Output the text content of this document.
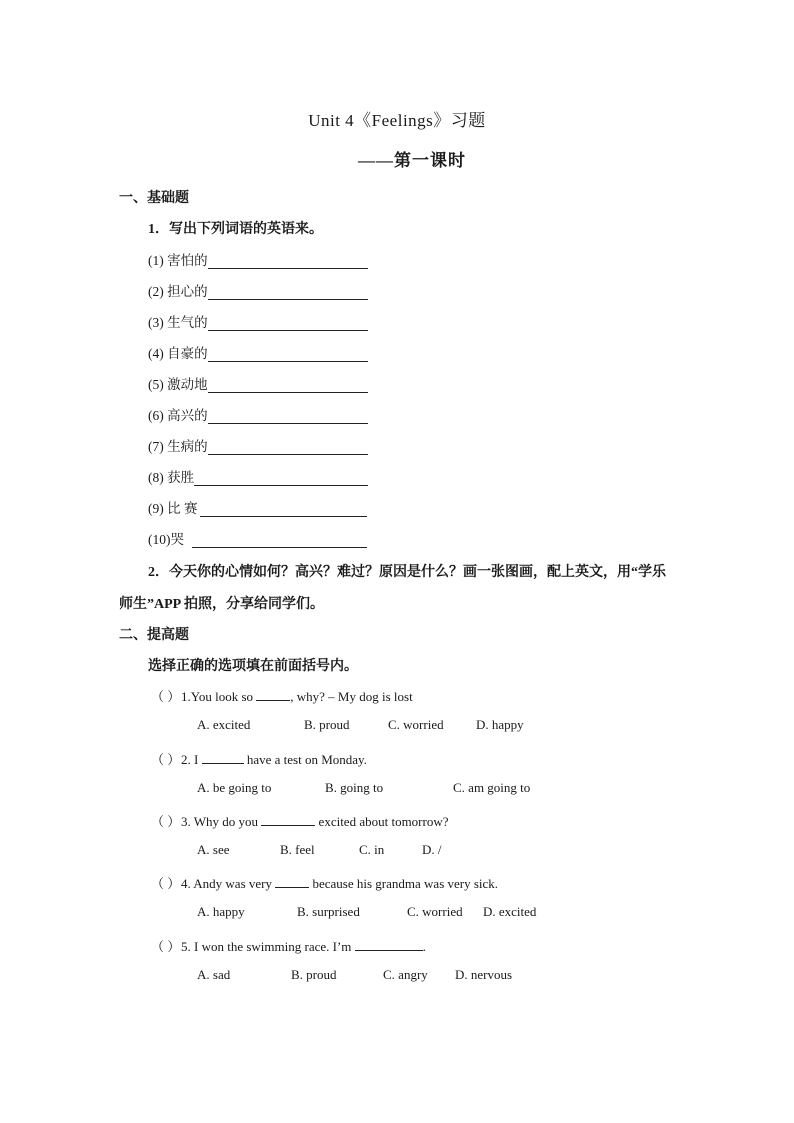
Unit 4《Feelings》习题
——第一课时
一、基础题
1．写出下列词语的英语来。
(1) 害怕的
(2) 担心的
(3) 生气的
(4) 自豪的
(5) 激动地
(6) 高兴的
(7) 生病的
(8) 获胜
(9) 比 赛
(10)哭
2．今天你的心情如何？高兴？难过？原因是什么？画一张图画，配上英文，用“学乐
师生”APP 拍照，分享给同学们。
二、提高题
选择正确的选项填在前面括号内。
（ ）1.You look so	, why? – My dog is lost
A. excited	B. proud	C. worried D. happy
（ ）2. I	have a test on Monday.
A. be going to	B. going to	C. am going to
（ ）3. Why do you	excited about tomorrow?
A. see	B. feel	C. in	D. /
（ ）4. Andy was very	because his grandma was very sick.
A. happy	B. surprised	C. worried D. excited
（ ）5. I won the swimming race. I’m	.
A. sad	B. proud	C. angry D. nervous
